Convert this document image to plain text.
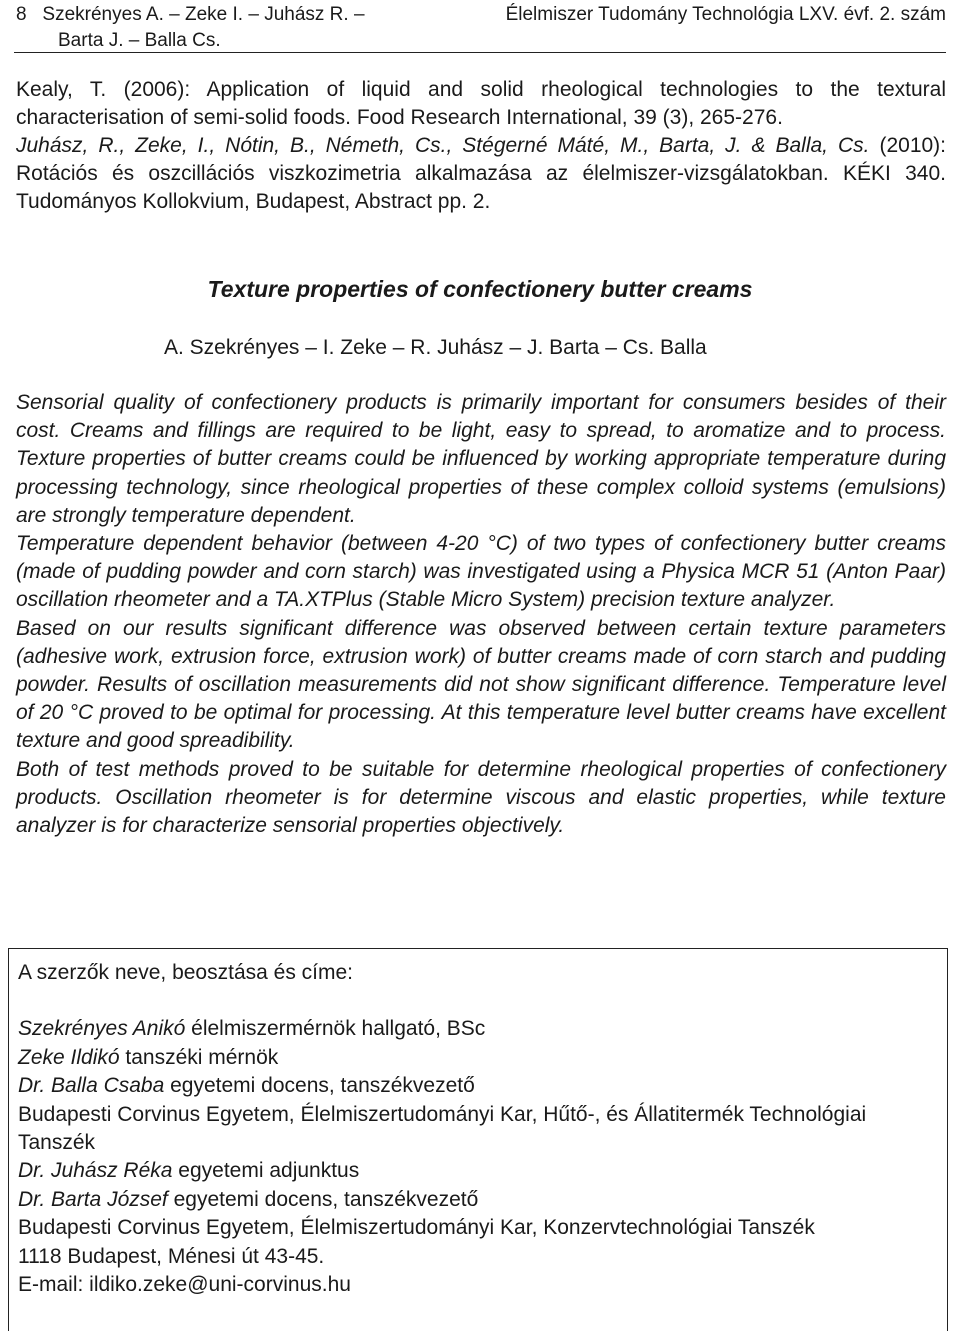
8 Szekrényes A. – Zeke I. – Juhász R. –
Barta J. – Balla Cs.
Élelmiszer Tudomány Technológia LXV. évf. 2. szám

Kealy, T. (2006): Application of liquid and solid rheological technologies to the textural characterisation of semi-solid foods. Food Research International, 39 (3), 265-276.

Juhász, R., Zeke, I., Nótin, B., Németh, Cs., Stégerné Máté, M., Barta, J. & Balla, Cs. (2010): Rotációs és oszcillációs viszkozimetria alkalmazása az élelmiszer-vizsgálatokban. KÉKI 340. Tudományos Kollokvium, Budapest, Abstract pp. 2.

Texture properties of confectionery butter creams
A. Szekrényes – I. Zeke – R. Juhász – J. Barta – Cs. Balla

Sensorial quality of confectionery products is primarily important for consumers besides of their cost. Creams and fillings are required to be light, easy to spread, to aromatize and to process. Texture properties of butter creams could be influenced by working appropriate temperature during processing technology, since rheological properties of these complex colloid systems (emulsions) are strongly temperature dependent.

Temperature dependent behavior (between 4-20 °C) of two types of confectionery butter creams (made of pudding powder and corn starch) was investigated using a Physica MCR 51 (Anton Paar) oscillation rheometer and a TA.XTPlus (Stable Micro System) precision texture analyzer.

Based on our results significant difference was observed between certain texture parameters (adhesive work, extrusion force, extrusion work) of butter creams made of corn starch and pudding powder. Results of oscillation measurements did not show significant difference. Temperature level of 20 °C proved to be optimal for processing. At this temperature level butter creams have excellent texture and good spreadibility.

Both of test methods proved to be suitable for determine rheological properties of confectionery products. Oscillation rheometer is for determine viscous and elastic properties, while texture analyzer is for characterize sensorial properties objectively.

A szerzők neve, beosztása és címe:

Szekrényes Anikó élelmiszermérnök hallgató, BSc

Zeke Ildikó tanszéki mérnök

Dr. Balla Csaba egyetemi docens, tanszékvezető

Budapesti Corvinus Egyetem, Élelmiszertudományi Kar, Hűtő-, és Állatitermék Technológiai Tanszék

Dr. Juhász Réka egyetemi adjunktus

Dr. Barta József egyetemi docens, tanszékvezető

Budapesti Corvinus Egyetem, Élelmiszertudományi Kar, Konzervtechnológiai Tanszék

1118 Budapest, Ménesi út 43-45.

E-mail: ildiko.zeke@uni-corvinus.hu
